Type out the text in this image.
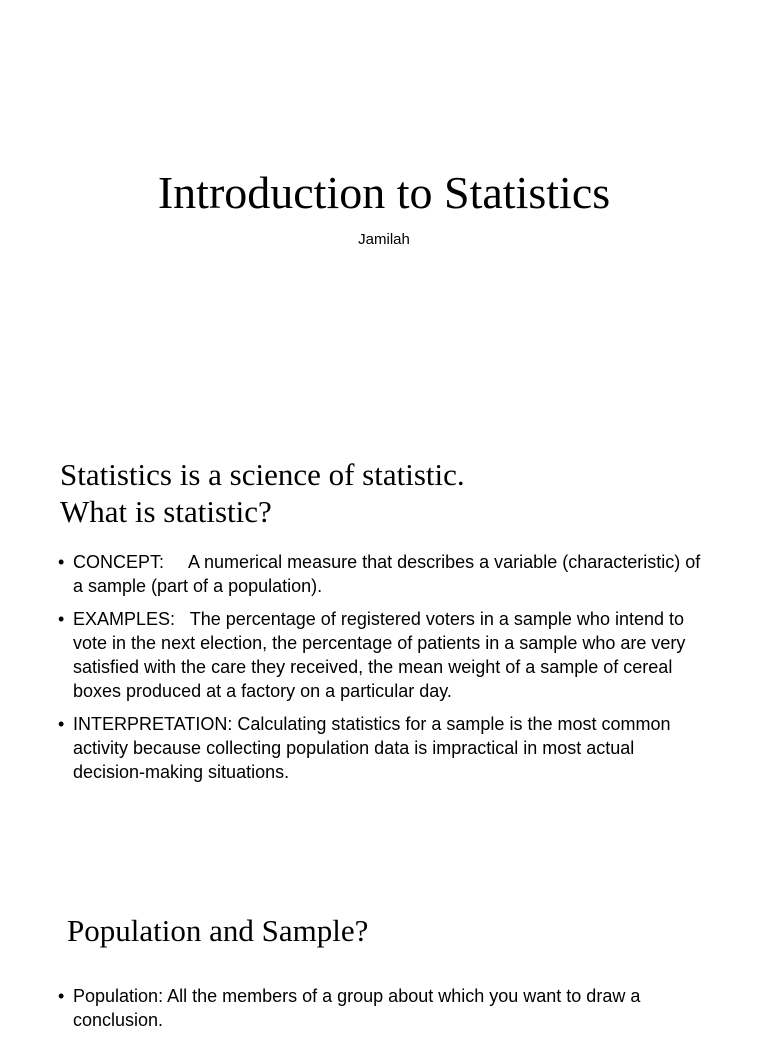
Introduction to Statistics

Jamilah

Statistics is a science of statistic.
What is statistic?
• CONCEPT:     A numerical measure that describes a variable (characteristic) of a sample (part of a population).
• EXAMPLES:   The percentage of registered voters in a sample who intend to vote in the next election, the percentage of patients in a sample who are very satisfied with the care they received, the mean weight of a sample of cereal boxes produced at a factory on a particular day.
• INTERPRETATION: Calculating statistics for a sample is the most common activity because collecting population data is impractical in most actual decision-making situations.
Population and Sample?
• Population: All the members of a group about which you want to draw a conclusion.
